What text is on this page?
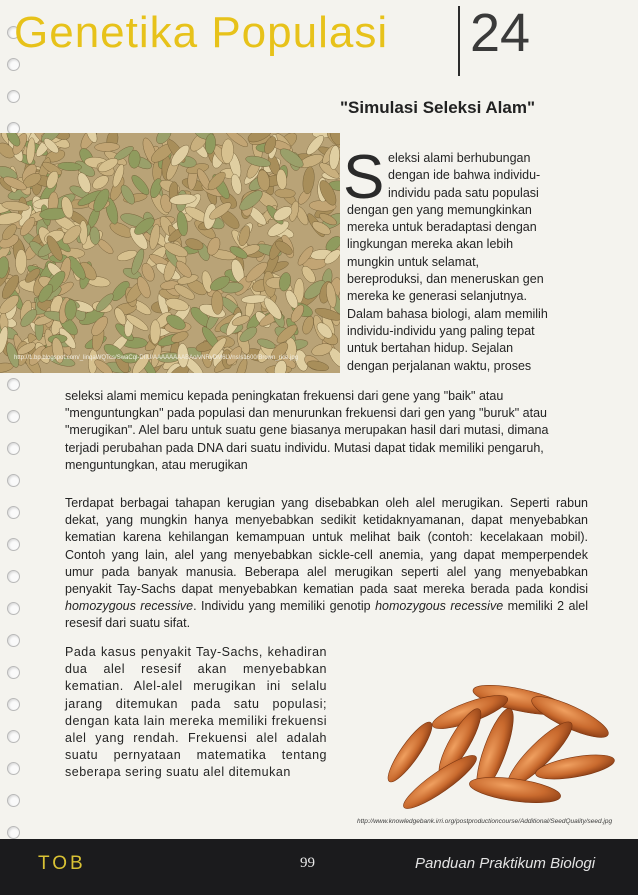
Genetika Populasi 24
"Simulasi Seleksi Alam"
http://1.bp.blogspot.com/_linqaWQTcs/SwaCql-DIIU/AAAAAAAABAo/vNRyDM6LVns/s1600/Brown_rice.jpg
S eleksi alami berhubungan
dengan ide bahwa individu-
individu pada satu populasi
dengan gen yang memungkinkan
mereka untuk beradaptasi dengan
lingkungan mereka akan lebih
mungkin untuk selamat,
bereproduksi, dan meneruskan gen
mereka ke generasi selanjutnya.
Dalam bahasa biologi, alam memilih
individu-individu yang paling tepat
untuk bertahan hidup. Sejalan
dengan perjalanan waktu, proses

seleksi alami memicu kepada peningkatan frekuensi dari gene yang "baik" atau "menguntungkan" pada populasi dan menurunkan frekuensi dari gen yang "buruk" atau "merugikan". Alel baru untuk suatu gene biasanya merupakan hasil dari mutasi, dimana terjadi perubahan pada DNA dari suatu individu. Mutasi dapat tidak memiliki pengaruh, menguntungkan, atau merugikan

Terdapat berbagai tahapan kerugian yang disebabkan oleh alel merugikan. Seperti rabun dekat, yang mungkin hanya menyebabkan sedikit ketidaknyamanan, dapat menyebabkan kematian karena kehilangan kemampuan untuk melihat baik (contoh: kecelakaan mobil). Contoh yang lain, alel yang menyebabkan sickle-cell anemia, yang dapat memperpendek umur pada banyak manusia. Beberapa alel merugikan seperti alel yang menyebabkan penyakit Tay-Sachs dapat menyebabkan kematian pada saat mereka berada pada kondisi homozygous recessive. Individu yang memiliki genotip homozygous recessive memiliki 2 alel resesif dari suatu sifat.

Pada kasus penyakit Tay-Sachs, kehadiran dua alel resesif akan menyebabkan kematian. Alel-alel merugikan ini selalu jarang ditemukan pada satu populasi; dengan kata lain mereka memiliki frekuensi alel yang rendah. Frekuensi alel adalah suatu pernyataan matematika tentang seberapa sering suatu alel ditemukan

http://www.knowledgebank.irri.org/postproductioncourse/Additional/SeedQuality/seed.jpg
TOB	99	Panduan Praktikum Biologi
